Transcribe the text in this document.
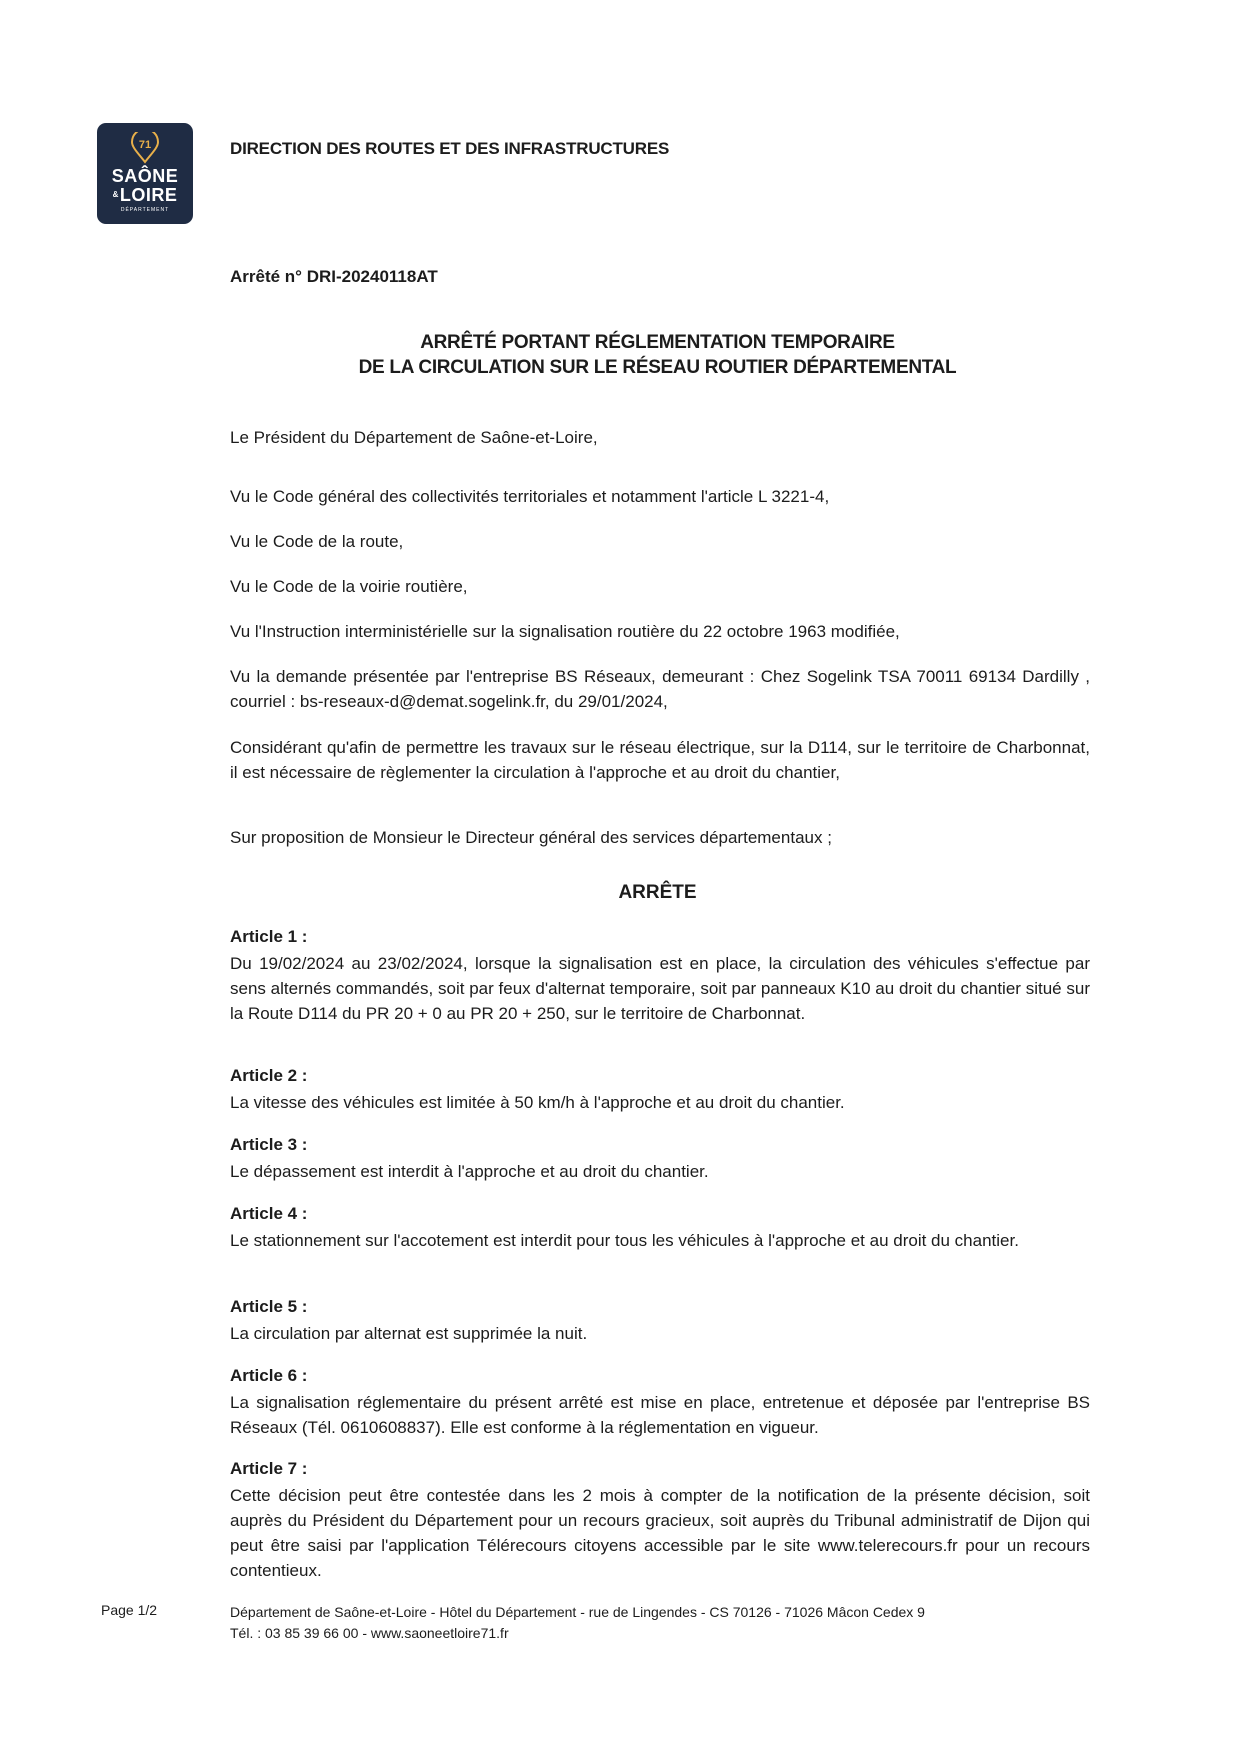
71
SAÔNE
&LOIRE
DÉPARTEMENT
DIRECTION DES ROUTES ET DES INFRASTRUCTURES
Arrêté n° DRI-20240118AT
ARRÊTÉ PORTANT RÉGLEMENTATION TEMPORAIRE
DE LA CIRCULATION SUR LE RÉSEAU ROUTIER DÉPARTEMENTAL
Le Président du Département de Saône-et-Loire,
Vu le Code général des collectivités territoriales et notamment l'article L 3221-4,
Vu le Code de la route,
Vu le Code de la voirie routière,
Vu l'Instruction interministérielle sur la signalisation routière du 22 octobre 1963 modifiée,
Vu la demande présentée par l'entreprise BS Réseaux, demeurant : Chez Sogelink TSA 70011 69134 Dardilly , courriel : bs-reseaux-d@demat.sogelink.fr, du 29/01/2024,
Considérant qu'afin de permettre les travaux sur le réseau électrique, sur la D114, sur le territoire de Charbonnat, il est nécessaire de règlementer la circulation à l'approche et au droit du chantier,
Sur proposition de Monsieur le Directeur général des services départementaux ;
ARRÊTE
Article 1 :
Du 19/02/2024 au 23/02/2024, lorsque la signalisation est en place, la circulation des véhicules s'effectue par sens alternés commandés, soit par feux d'alternat temporaire, soit par panneaux K10 au droit du chantier situé sur la Route D114 du PR 20 + 0 au PR 20 + 250, sur le territoire de Charbonnat.
Article 2 :
La vitesse des véhicules est limitée à 50 km/h à l'approche et au droit du chantier.
Article 3 :
Le dépassement est interdit à l'approche et au droit du chantier.
Article 4 :
Le stationnement sur l'accotement est interdit pour tous les véhicules à l'approche et au droit du chantier.
Article 5 :
La circulation par alternat est supprimée la nuit.
Article 6 :
La signalisation réglementaire du présent arrêté est mise en place, entretenue et déposée par l'entreprise BS Réseaux (Tél. 0610608837). Elle est conforme à la réglementation en vigueur.
Article 7 :
Cette décision peut être contestée dans les 2 mois à compter de la notification de la présente décision, soit auprès du Président du Département pour un recours gracieux, soit auprès du Tribunal administratif de Dijon qui peut être saisi par l'application Télérecours citoyens accessible par le site www.telerecours.fr pour un recours contentieux.
Page 1/2	Département de Saône-et-Loire - Hôtel du Département - rue de Lingendes - CS 70126 - 71026 Mâcon Cedex 9
Tél. : 03 85 39 66 00 - www.saoneetloire71.fr
